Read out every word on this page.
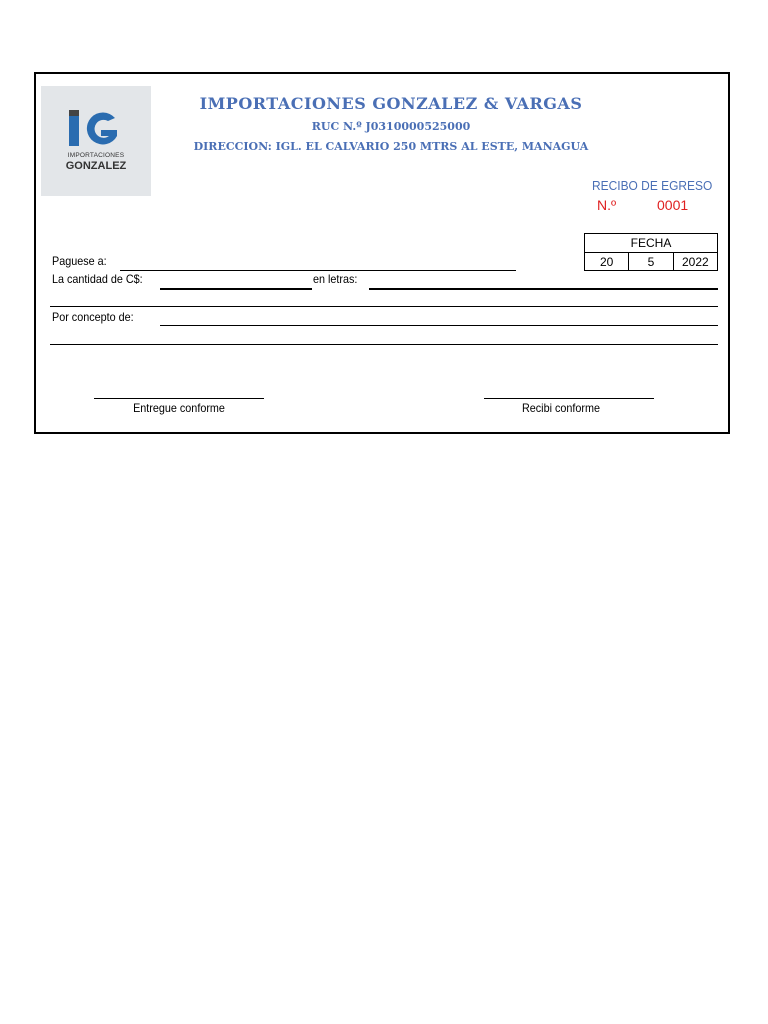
IMPORTACIONES
GONZALEZ
IMPORTACIONES GONZALEZ & VARGAS
RUC N.º J0310000525000
DIRECCION: IGL. EL CALVARIO 250 MTRS AL ESTE, MANAGUA
RECIBO DE EGRESO
N.º	0001
FECHA
20	5	2022
Paguese a:
La cantidad de C$:	en letras:
Por concepto de:
Entregue conforme	Recibi conforme
